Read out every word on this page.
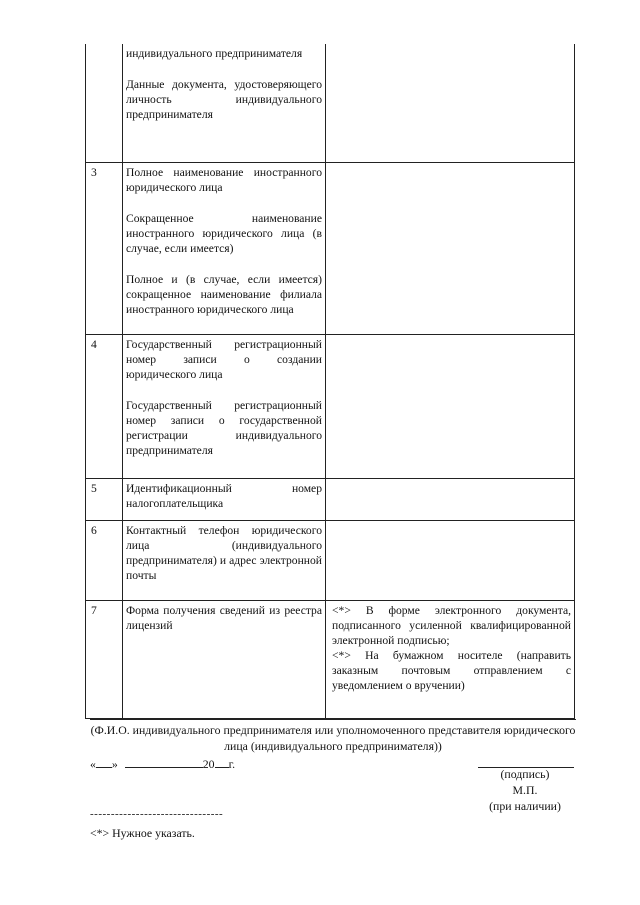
	индивидуального предпринимателя

Данные документа, удостоверяющего личность индивидуального предпринимателя	

3	Полное наименование иностранного юридического лица

Сокращенное наименование иностранного юридического лица (в случае, если имеется)

Полное и (в случае, если имеется) сокращенное наименование филиала иностранного юридического лица	

4	Государственный регистрационный номер записи о создании юридического лица

Государственный регистрационный номер записи о государственной регистрации индивидуального предпринимателя	

5	Идентификационный номер налогоплательщика	

6	Контактный телефон юридического лица (индивидуального предпринимателя) и адрес электронной почты	

7	Форма получения сведений из реестра лицензий	<*> В форме электронного документа, подписанного усиленной квалифицированной электронной подписью;

<*> На бумажном носителе (направить заказным почтовым отправлением с уведомлением о вручении)

(Ф.И.О. индивидуального предпринимателя или уполномоченного представителя юридического лица (индивидуального предпринимателя))
« »	20 г.
(подпись)
М.П.
(при наличии)
--------------------------------
<*> Нужное указать.
